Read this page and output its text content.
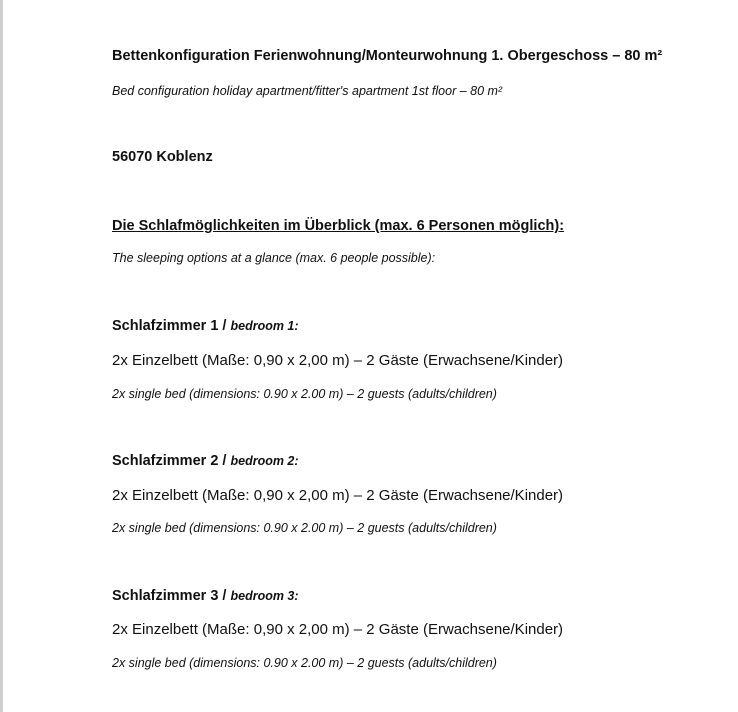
Bettenkonfiguration Ferienwohnung/Monteurwohnung 1. Obergeschoss – 80 m²
Bed configuration holiday apartment/fitter's apartment 1st floor – 80 m²
56070 Koblenz
Die Schlafmöglichkeiten im Überblick (max. 6 Personen möglich):
The sleeping options at a glance (max. 6 people possible):
Schlafzimmer 1 / bedroom 1:
2x Einzelbett (Maße: 0,90 x 2,00 m) – 2 Gäste (Erwachsene/Kinder)
2x single bed (dimensions: 0.90 x 2.00 m) – 2 guests (adults/children)
Schlafzimmer 2 / bedroom 2:
2x Einzelbett (Maße: 0,90 x 2,00 m) – 2 Gäste (Erwachsene/Kinder)
2x single bed (dimensions: 0.90 x 2.00 m) – 2 guests (adults/children)
Schlafzimmer 3 / bedroom 3:
2x Einzelbett (Maße: 0,90 x 2,00 m) – 2 Gäste (Erwachsene/Kinder)
2x single bed (dimensions: 0.90 x 2.00 m) – 2 guests (adults/children)
